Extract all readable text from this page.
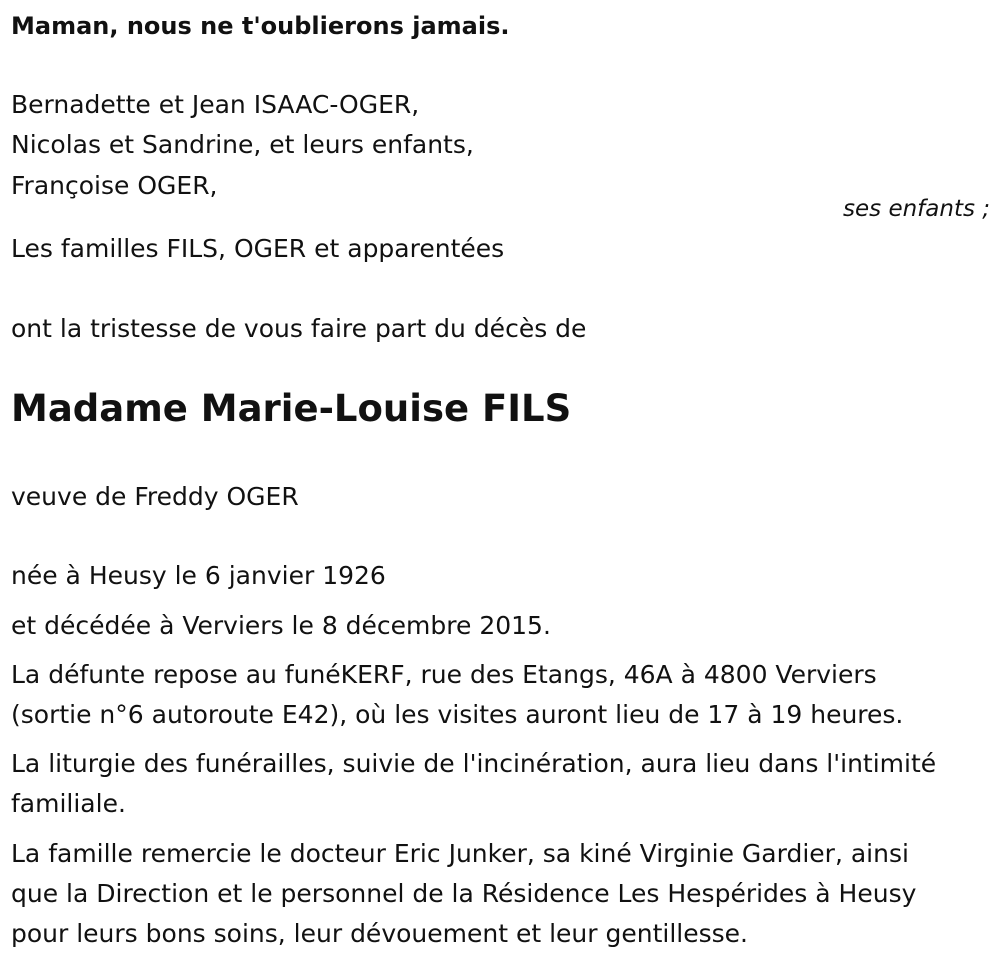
Maman, nous ne t'oublierons jamais.

Bernadette et Jean ISAAC-OGER,

Nicolas et Sandrine, et leurs enfants,

Françoise OGER,

ses enfants ;

Les familles FILS, OGER et apparentées

ont la tristesse de vous faire part du décès de

Madame Marie-Louise FILS

veuve de Freddy OGER

née à Heusy le 6 janvier 1926

et décédée à Verviers le 8 décembre 2015.

La défunte repose au funéKERF, rue des Etangs, 46A à 4800 Verviers

(sortie n°6 autoroute E42), où les visites auront lieu de 17 à 19 heures.

La liturgie des funérailles, suivie de l'incinération, aura lieu dans l'intimité

familiale.

La famille remercie le docteur Eric Junker, sa kiné Virginie Gardier, ainsi

que la Direction et le personnel de la Résidence Les Hespérides à Heusy

pour leurs bons soins, leur dévouement et leur gentillesse.
